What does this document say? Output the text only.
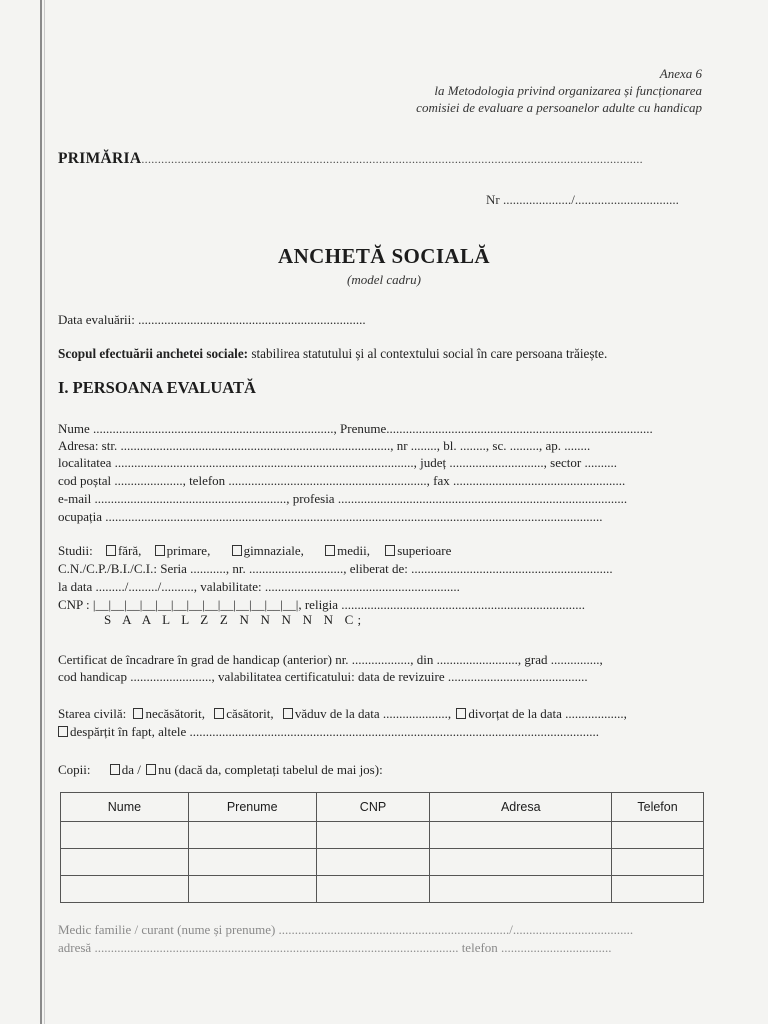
Anexa 6
la Metodologia privind organizarea și funcționarea
comisiei de evaluare a persoanelor adulte cu handicap
PRIMĂRIA........................................................................................................................................................
Nr ...................../................................
ANCHETĂ SOCIALĂ
(model cadru)
Data evaluării: ......................................................................
Scopul efectuării anchetei sociale: stabilirea statutului și al contextului social în care persoana trăiește.
I. PERSOANA EVALUATĂ
Nume .........................................................................., Prenume..................................................................................
Adresa: str. ..................................................................................., nr ........, bl. ........, sc. ........., ap. ........
localitatea ............................................................................................, județ ............................., sector ..........
cod poștal ....................., telefon ............................................................., fax .....................................................
e-mail ..........................................................., profesia .........................................................................................
ocupația .........................................................................................................................................................
Studii: fără, primare,	gimnaziale,	medii, superioare
C.N./C.P./B.I./C.I.: Seria ..........., nr. ............................., eliberat de: ..............................................................
la data ........./........./.........., valabilitate: ............................................................
CNP : |__|__|__|__|__|__|__|__|__|__|__|__|__|, religia ...........................................................................
S A A L L Z Z N N N N N C;
Certificat de încadrare în grad de handicap (anterior) nr. .................., din ........................., grad ...............,
cod handicap ........................., valabilitatea certificatului: data de revizuire ...........................................
Starea civilă: necăsătorit, căsătorit, văduv de la data ...................., divorțat de la data ..................,
despărțit în fapt, altele ..............................................................................................................................
Copii: da / nu (dacă da, completați tabelul de mai jos):
Nume	Prenume	CNP	Adresa	Telefon

Medic familie / curant (nume și prenume) ......................................................................./.....................................
adresă ................................................................................................................ telefon ..................................
